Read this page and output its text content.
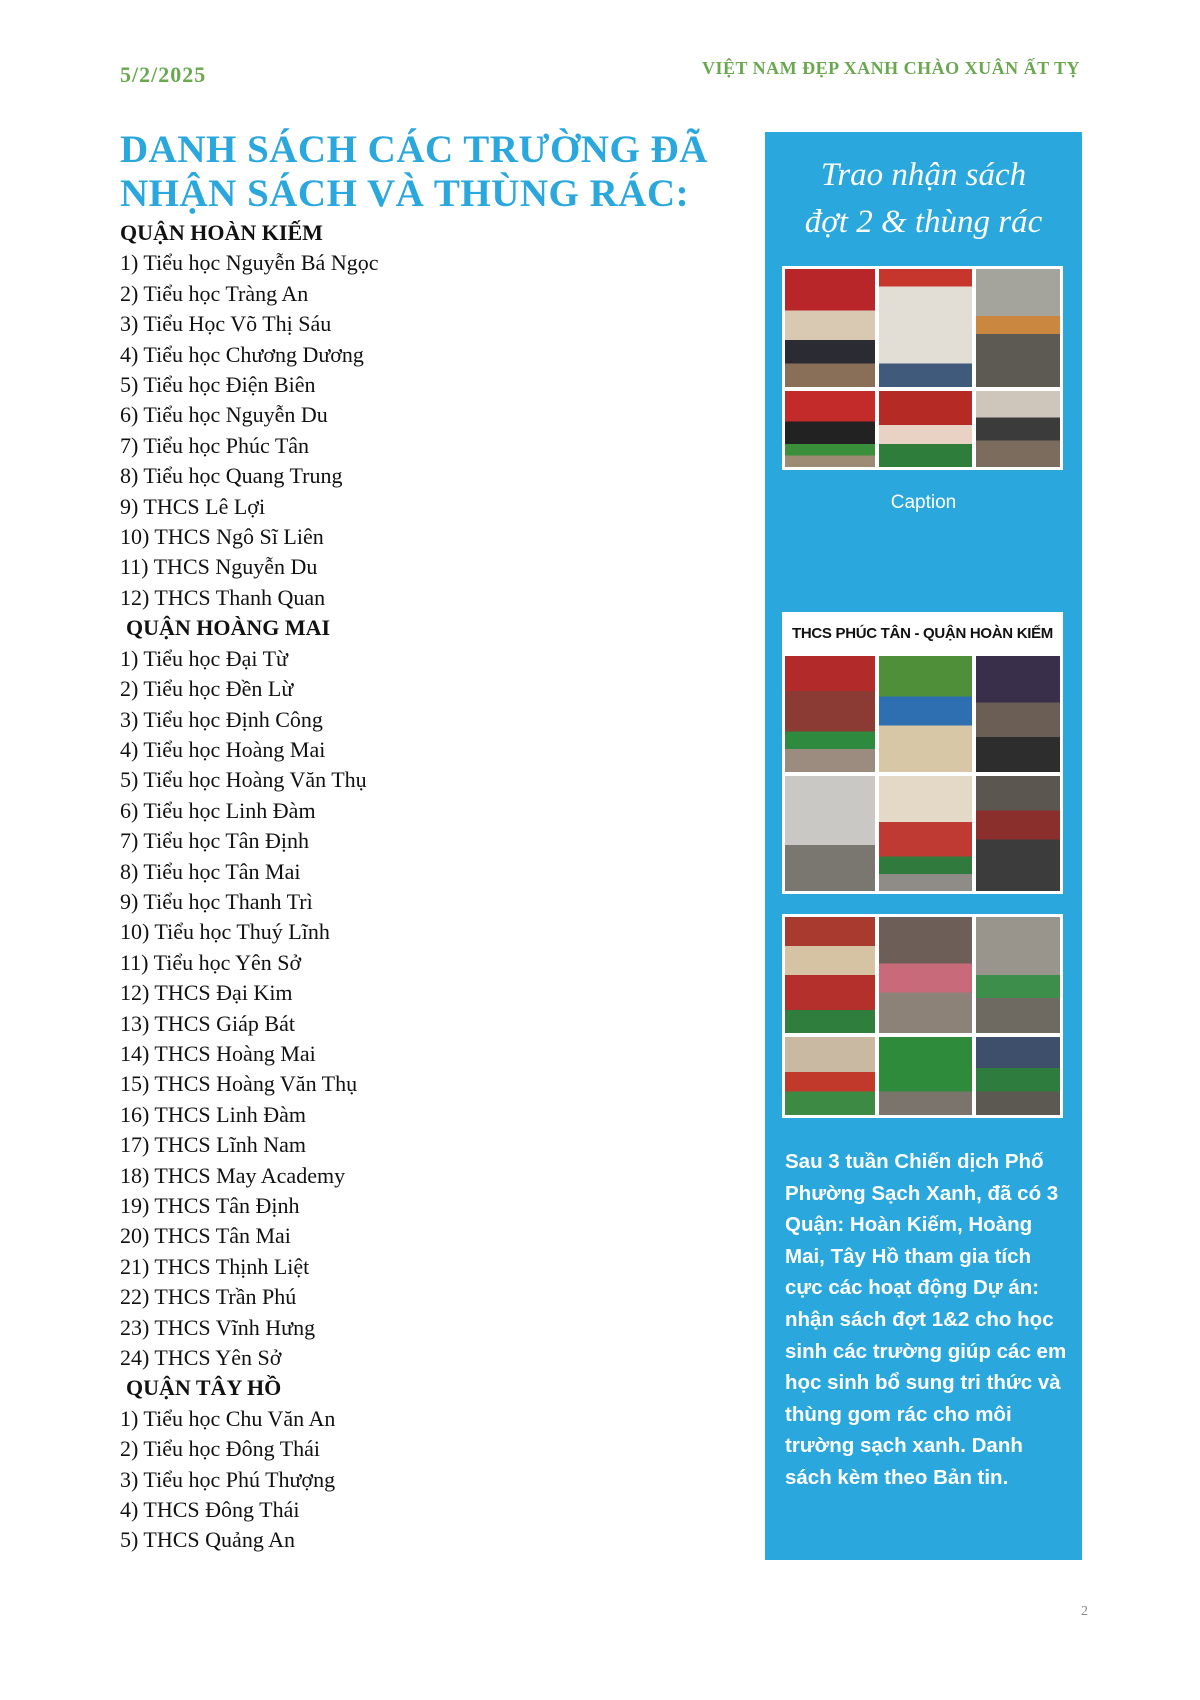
5/2/2025	VIỆT NAM ĐẸP XANH CHÀO XUÂN ẤT TỴ
DANH SÁCH CÁC TRƯỜNG ĐÃ NHẬN SÁCH VÀ THÙNG RÁC:
QUẬN HOÀN KIẾM
1) Tiểu học Nguyễn Bá Ngọc
2) Tiểu học Tràng An
3) Tiểu Học Võ Thị Sáu
4) Tiểu học Chương Dương
5) Tiểu học Điện Biên
6) Tiểu học Nguyễn Du
7) Tiểu học Phúc Tân
8) Tiểu học Quang Trung
9) THCS Lê Lợi
10) THCS Ngô Sĩ Liên
11) THCS Nguyễn Du
12) THCS Thanh Quan
QUẬN HOÀNG MAI
1) Tiểu học Đại Từ
2) Tiểu học Đền Lừ
3) Tiểu học Định Công
4) Tiểu học Hoàng Mai
5) Tiểu học Hoàng Văn Thụ
6) Tiểu học Linh Đàm
7) Tiểu học Tân Định
8) Tiểu học Tân Mai
9) Tiểu học Thanh Trì
10) Tiểu học Thuý Lĩnh
11) Tiểu học Yên Sở
12) THCS Đại Kim
13) THCS Giáp Bát
14) THCS Hoàng Mai
15) THCS Hoàng Văn Thụ
16) THCS Linh Đàm
17) THCS Lĩnh Nam
18) THCS May Academy
19) THCS Tân Định
20) THCS Tân Mai
21) THCS Thịnh Liệt
22) THCS Trần Phú
23) THCS Vĩnh Hưng
24) THCS Yên Sở
QUẬN TÂY HỒ
1) Tiểu học Chu Văn An
2) Tiểu học Đông Thái
3) Tiểu học Phú Thượng
4) THCS Đông Thái
5) THCS Quảng An
Trao nhận sách
đợt 2 & thùng rác
Caption
THCS PHÚC TÂN - QUẬN HOÀN KIẾM
Sau 3 tuần Chiến dịch Phố Phường Sạch Xanh, đã có 3 Quận: Hoàn Kiếm, Hoàng Mai, Tây Hồ tham gia tích cực các hoạt động Dự án: nhận sách đợt 1&2 cho học sinh các trường giúp các em học sinh bổ sung tri thức và thùng gom rác cho môi trường sạch xanh. Danh sách kèm theo Bản tin.
2
